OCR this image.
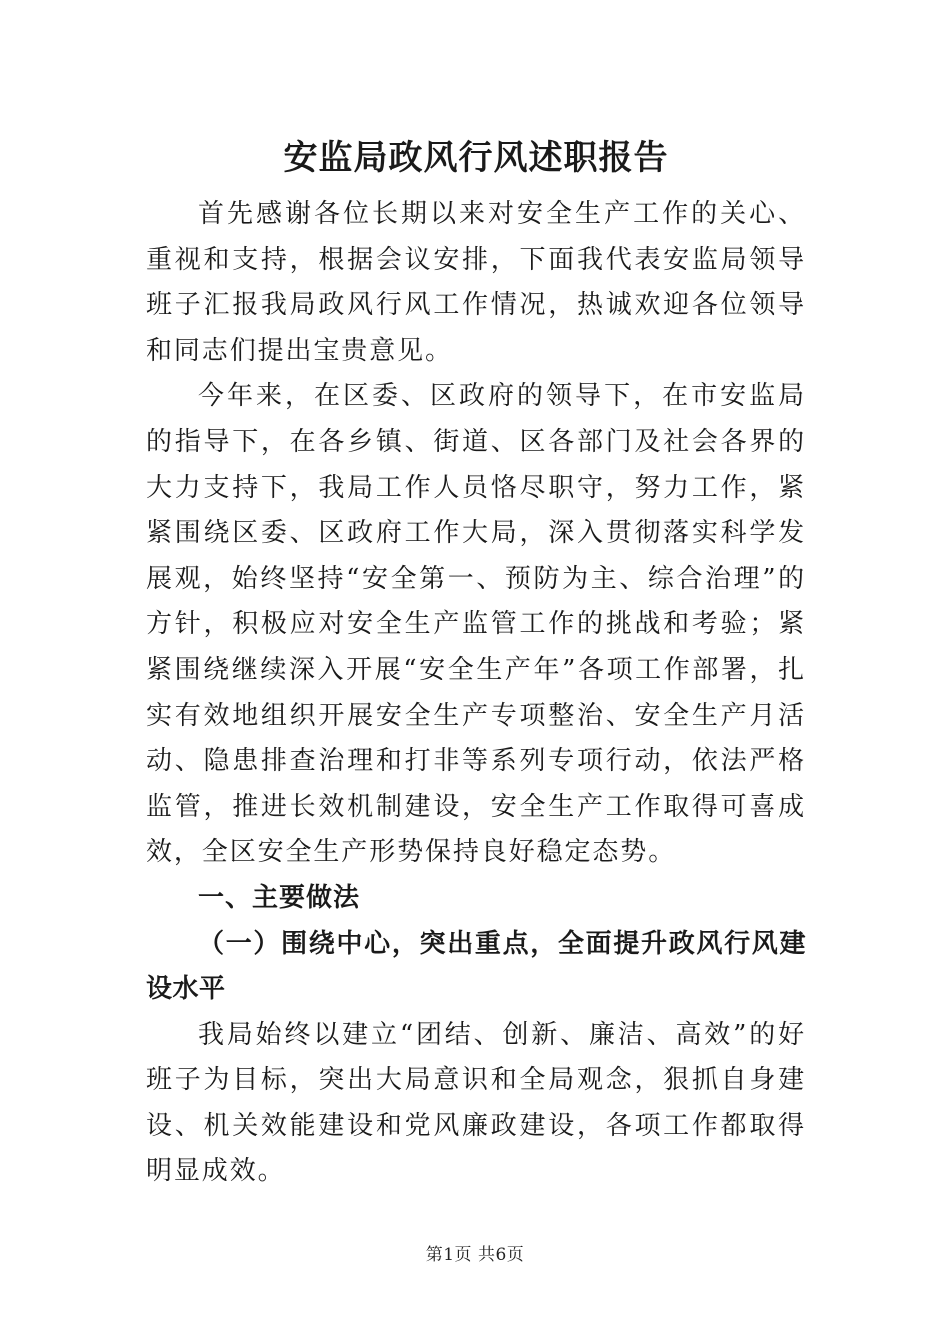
安监局政风行风述职报告

首先感谢各位长期以来对安全生产工作的关心、重视和支持，根据会议安排，下面我代表安监局领导班子汇报我局政风行风工作情况，热诚欢迎各位领导和同志们提出宝贵意见。

今年来，在区委、区政府的领导下，在市安监局的指导下，在各乡镇、街道、区各部门及社会各界的大力支持下，我局工作人员恪尽职守，努力工作，紧紧围绕区委、区政府工作大局，深入贯彻落实科学发展观，始终坚持“安全第一、预防为主、综合治理”的方针，积极应对安全生产监管工作的挑战和考验；紧紧围绕继续深入开展“安全生产年”各项工作部署，扎实有效地组织开展安全生产专项整治、安全生产月活动、隐患排查治理和打非等系列专项行动，依法严格监管，推进长效机制建设，安全生产工作取得可喜成效，全区安全生产形势保持良好稳定态势。

一、主要做法

（一）围绕中心，突出重点，全面提升政风行风建设水平

我局始终以建立“团结、创新、廉洁、高效”的好班子为目标，突出大局意识和全局观念，狠抓自身建设、机关效能建设和党风廉政建设，各项工作都取得明显成效。

第1页 共6页
